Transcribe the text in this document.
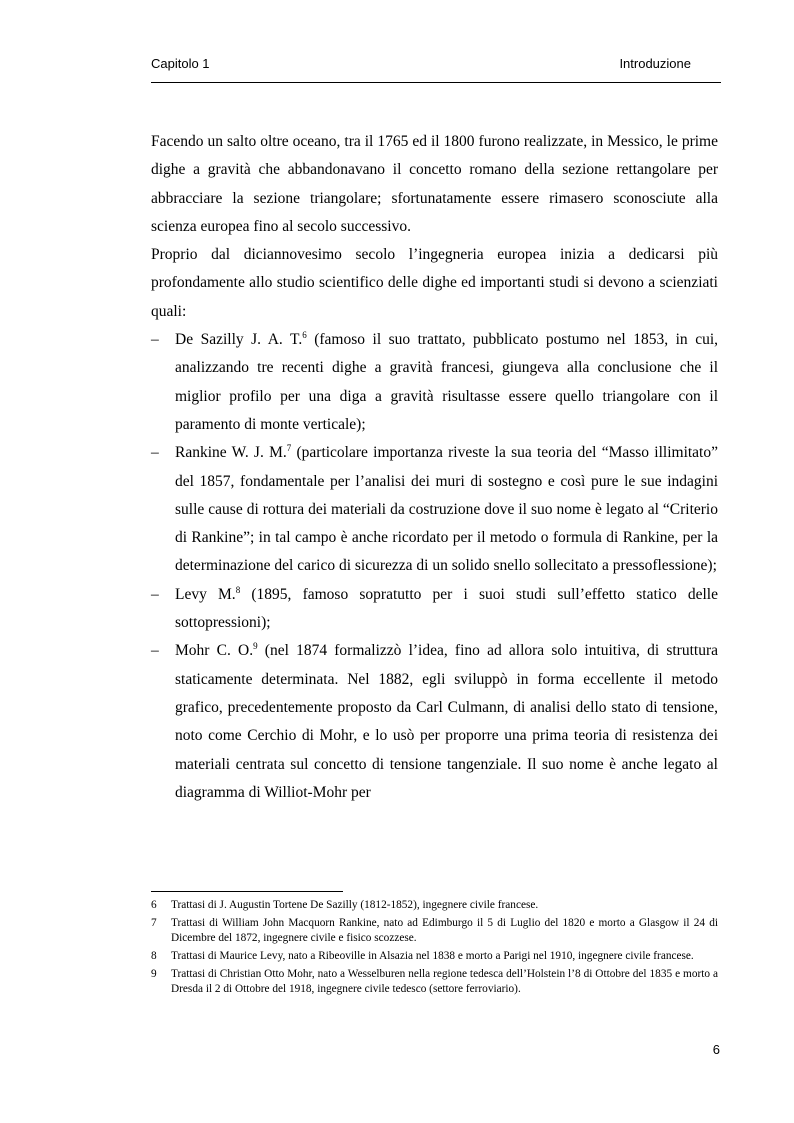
Capitolo 1	Introduzione

Facendo un salto oltre oceano, tra il 1765 ed il 1800 furono realizzate, in Messico, le prime dighe a gravità che abbandonavano il concetto romano della sezione rettangolare per abbracciare la sezione triangolare; sfortunatamente essere rimasero sconosciute alla scienza europea fino al secolo successivo.

Proprio dal diciannovesimo secolo l’ingegneria europea inizia a dedicarsi più profondamente allo studio scientifico delle dighe ed importanti studi si devono a scienziati quali:

– De Sazilly J. A. T.$^6$ (famoso il suo trattato, pubblicato postumo nel 1853, in cui, analizzando tre recenti dighe a gravità francesi, giungeva alla conclusione che il miglior profilo per una diga a gravità risultasse essere quello triangolare con il paramento di monte verticale);
– Rankine W. J. M.$^7$ (particolare importanza riveste la sua teoria del “Masso illimitato” del 1857, fondamentale per l’analisi dei muri di sostegno e così pure le sue indagini sulle cause di rottura dei materiali da costruzione dove il suo nome è legato al “Criterio di Rankine”; in tal campo è anche ricordato per il metodo o formula di Rankine, per la determinazione del carico di sicurezza di un solido snello sollecitato a pressoflessione);
– Levy M.$^8$ (1895, famoso sopratutto per i suoi studi sull’effetto statico delle sottopressioni);
– Mohr C. O.$^9$ (nel 1874 formalizzò l’idea, fino ad allora solo intuitiva, di struttura staticamente determinata. Nel 1882, egli sviluppò in forma eccellente il metodo grafico, precedentemente proposto da Carl Culmann, di analisi dello stato di tensione, noto come Cerchio di Mohr, e lo usò per proporre una prima teoria di resistenza dei materiali centrata sul concetto di tensione tangenziale. Il suo nome è anche legato al diagramma di Williot-Mohr per
6 Trattasi di J. Augustin Tortene De Sazilly (1812-1852), ingegnere civile francese.
7 Trattasi di William John Macquorn Rankine, nato ad Edimburgo il 5 di Luglio del 1820 e morto a Glasgow il 24 di Dicembre del 1872, ingegnere civile e fisico scozzese.
8 Trattasi di Maurice Levy, nato a Ribeoville in Alsazia nel 1838 e morto a Parigi nel 1910, ingegnere civile francese.
9 Trattasi di Christian Otto Mohr, nato a Wesselburen nella regione tedesca dell’Holstein l’8 di Ottobre del 1835 e morto a Dresda il 2 di Ottobre del 1918, ingegnere civile tedesco (settore ferroviario).
6
